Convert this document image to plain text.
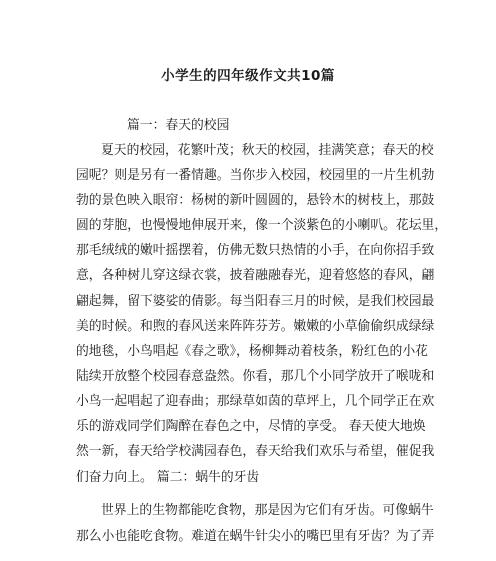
小学生的四年级作文共10篇
篇一：春天的校园
夏天的校园，花繁叶茂；秋天的校园，挂满笑意；春天的校
园呢？则是另有一番情趣。当你步入校园，校园里的一片生机勃
勃的景色映入眼帘：杨树的新叶圆圆的，悬铃木的树枝上，那鼓
圆的芽胞，也慢慢地伸展开来，像一个淡紫色的小喇叭。花坛里，
那毛绒绒的嫩叶摇摆着，仿佛无数只热情的小手，在向你招手致
意，各种树儿穿这绿衣裳，披着融融春光，迎着悠悠的春风，翩
翩起舞，留下婆娑的倩影。每当阳春三月的时候，是我们校园最
美的时候。和煦的春风送来阵阵芬芳。嫩嫩的小草偷偷织成绿绿
的地毯，小鸟唱起《春之歌》，杨柳舞动着枝条，粉红色的小花
陆续开放整个校园春意盎然。你看，那几个小同学放开了喉咙和
小鸟一起唱起了迎春曲；那绿草如茵的草坪上，几个同学正在欢
乐的游戏同学们陶醉在春色之中，尽情的享受。 春天使大地焕
然一新，春天给学校满园春色，春天给我们欢乐与希望，催促我
们奋力向上。 篇二：蜗牛的牙齿
世界上的生物都能吃食物，那是因为它们有牙齿。可像蜗牛
那么小也能吃食物。难道在蜗牛针尖小的嘴巴里有牙齿？为了弄
